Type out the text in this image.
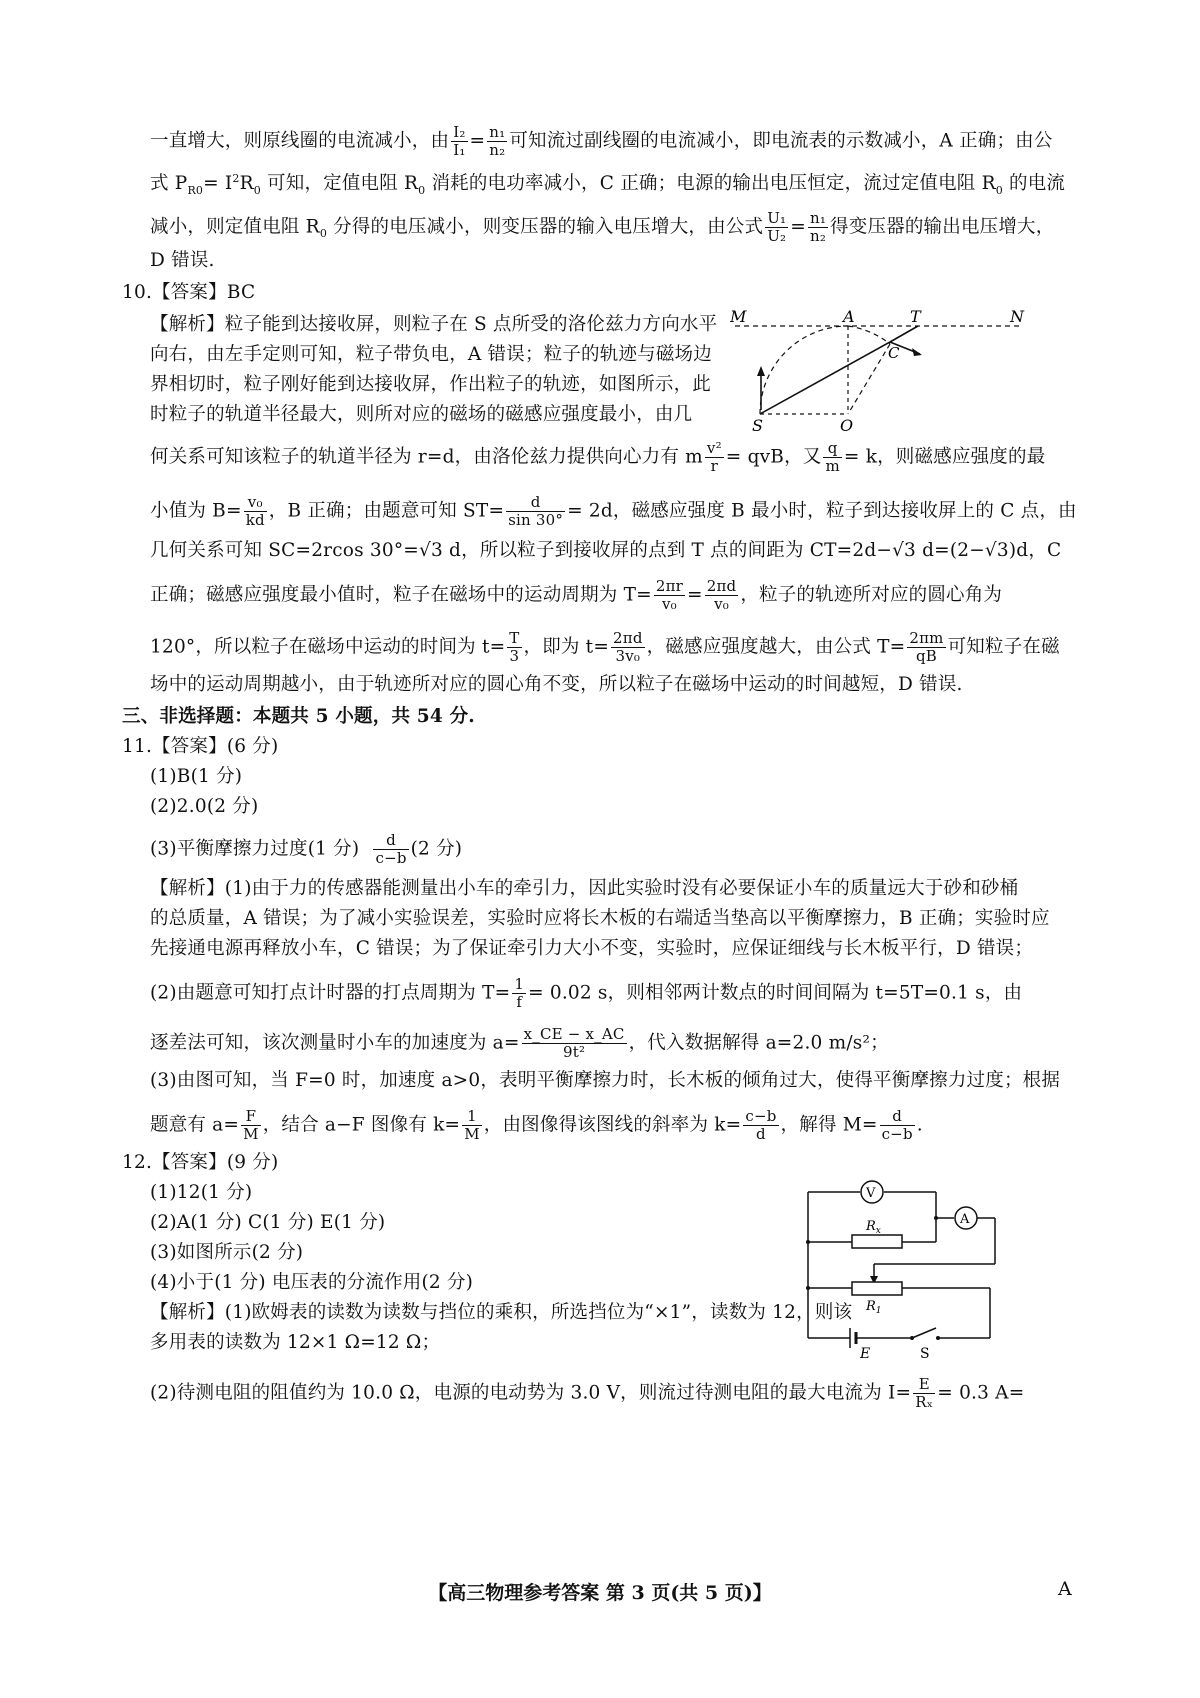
一直增大，则原线圈的电流减小，由 $\frac{\text{I₂}}{\text{I₁}} = \frac{\text{n₁}}{\text{n₂}}$ 可知流过副线圈的电流减小，即电流表的示数减小，A 正确；由公
式 $P_{R0}= I^2R_0$ 可知，定值电阻 $R_0$ 消耗的电功率减小，C 正确；电源的输出电压恒定，流过定值电阻 $R_0$ 的电流
减小，则定值电阻 $R_0$ 分得的电压减小，则变压器的输入电压增大，由公式 $\frac{\text{U₁}}{\text{U₂}} = \frac{\text{n₁}}{\text{n₂}}$ 得变压器的输出电压增大，
D 错误.
10.【答案】BC
【解析】粒子能到达接收屏，则粒子在 S 点所受的洛伦兹力方向水平
向右，由左手定则可知，粒子带负电，A 错误；粒子的轨迹与磁场边
界相切时，粒子刚好能到达接收屏，作出粒子的轨迹，如图所示，此
时粒子的轨道半径最大，则所对应的磁场的磁感应强度最小，由几
何关系可知该粒子的轨道半径为 r=d，由洛伦兹力提供向心力有 m $\frac{\text{v²}}{r}$ = qvB，又 $\frac{q}{m} = k$，则磁感应强度的最
小值为 $B= \frac{\text{v₀}}{kd}$ ，B 正确；由题意可知 $ST= \frac{d}{\sin 30^\circ} = 2d$，磁感应强度 B 最小时，粒子到达接收屏上的 C 点，由
几何关系可知 SC=2rcos 30°=√3 d，所以粒子到接收屏的点到 T 点的间距为 CT=2d−√3 d=(2−√3)d，C
正确；磁感应强度最小值时，粒子在磁场中的运动周期为 $T= \frac{2\pi r}{\text{v₀}} = \frac{2\pi d}{\text{v₀}}$ ，粒子的轨迹所对应的圆心角为
120°，所以粒子在磁场中运动的时间为 $t= \frac{T}{3}$ ，即为 $t= \frac{2\pi d}{\text{3v₀}}$ ，磁感应强度越大，由公式 $T= \frac{2\pi m}{qB}$ 可知粒子在磁
场中的运动周期越小，由于轨迹所对应的圆心角不变，所以粒子在磁场中运动的时间越短，D 错误.
三、非选择题：本题共 5 小题，共 54 分.
11.【答案】(6 分)
(1)B(1 分)
(2)2.0(2 分)
(3)平衡摩擦力过度(1 分) $\frac{d}{c-b} (2$ 分)
【解析】(1)由于力的传感器能测量出小车的牵引力，因此实验时没有必要保证小车的质量远大于砂和砂桶
的总质量，A 错误；为了减小实验误差，实验时应将长木板的右端适当垫高以平衡摩擦力，B 正确；实验时应
先接通电源再释放小车，C 错误；为了保证牵引力大小不变，实验时，应保证细线与长木板平行，D 错误；
(2)由题意可知打点计时器的打点周期为 $T= \frac{1}{f} = 0.02$ s，则相邻两计数点的时间间隔为 t=5T=0.1 s，由
逐差法可知，该次测量时小车的加速度为 $a= \frac{x\_CE - x\_AC}{\text{9t²}}$ ，代入数据解得 a=2.0 m/s²；
(3)由图可知，当 F=0 时，加速度 a>0，表明平衡摩擦力时，长木板的倾角过大，使得平衡摩擦力过度；根据
题意有 $a= \frac{F}{M}$ ，结合 a−F 图像有 $k= \frac{1}{M}$ ，由图像得该图线的斜率为 $k= \frac{c-b}{d}$ ，解得 $M= \frac{d}{c-b}$ .
12.【答案】(9 分)
(1)12(1 分)
(2)A(1 分) C(1 分) E(1 分)
(3)如图所示(2 分)
(4)小于(1 分) 电压表的分流作用(2 分)
【解析】(1)欧姆表的读数为读数与挡位的乘积，所选挡位为“×1”，读数为 12，则该
多用表的读数为 12×1 Ω=12 Ω；
(2)待测电阻的阻值约为 10.0 Ω，电源的电动势为 3.0 V，则流过待测电阻的最大电流为 $I= \frac{E}{\text{Rₓ}} = 0.3$ A=
M	A	T	N
C
S	O
V
A
$R_x$
$R_1$
E	S
【高三物理参考答案 第 3 页(共 5 页)】	A
